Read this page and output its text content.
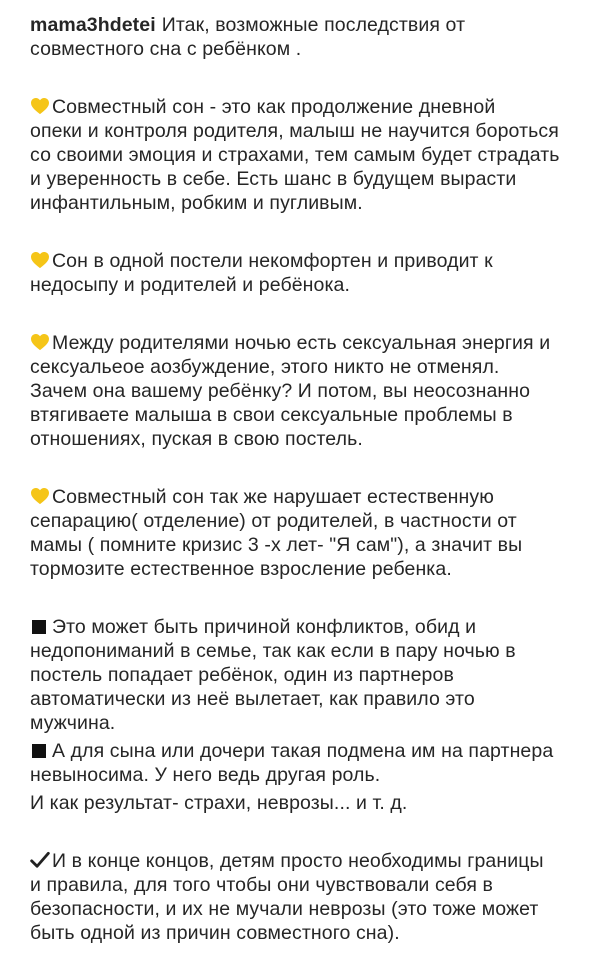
mama3hdetei Итак, возможные последствия от
совместного сна с ребёнком .
Совместный сон - это как продолжение дневной
опеки и контроля родителя, малыш не научится бороться
со своими эмоция и страхами, тем самым будет страдать
и уверенность в себе. Есть шанс в будущем вырасти
инфантильным, робким и пугливым.
Сон в одной постели некомфортен и приводит к
недосыпу и родителей и ребёнока.
Между родителями ночью есть сексуальная энергия и
сексуальеое аозбуждение, этого никто не отменял.
Зачем она вашему ребёнку? И потом, вы неосознанно
втягиваете малыша в свои сексуальные проблемы в
отношениях, пуская в свою постель.
Совместный сон так же нарушает естественную
сепарацию( отделение) от родителей, в частности от
мамы ( помните кризис 3 -х лет- "Я сам"), а значит вы
тормозите естественное взросление ребенка.
Это может быть причиной конфликтов, обид и
недопониманий в семье, так как если в пару ночью в
постель попадает ребёнок, один из партнеров
автоматически из неё вылетает, как правило это
мужчина.
А для сына или дочери такая подмена им на партнера
невыносима. У него ведь другая роль.
И как результат- страхи, неврозы... и т. д.
И в конце концов, детям просто необходимы границы
и правила, для того чтобы они чувствовали себя в
безопасности, и их не мучали неврозы (это тоже может
быть одной из причин совместного сна).
